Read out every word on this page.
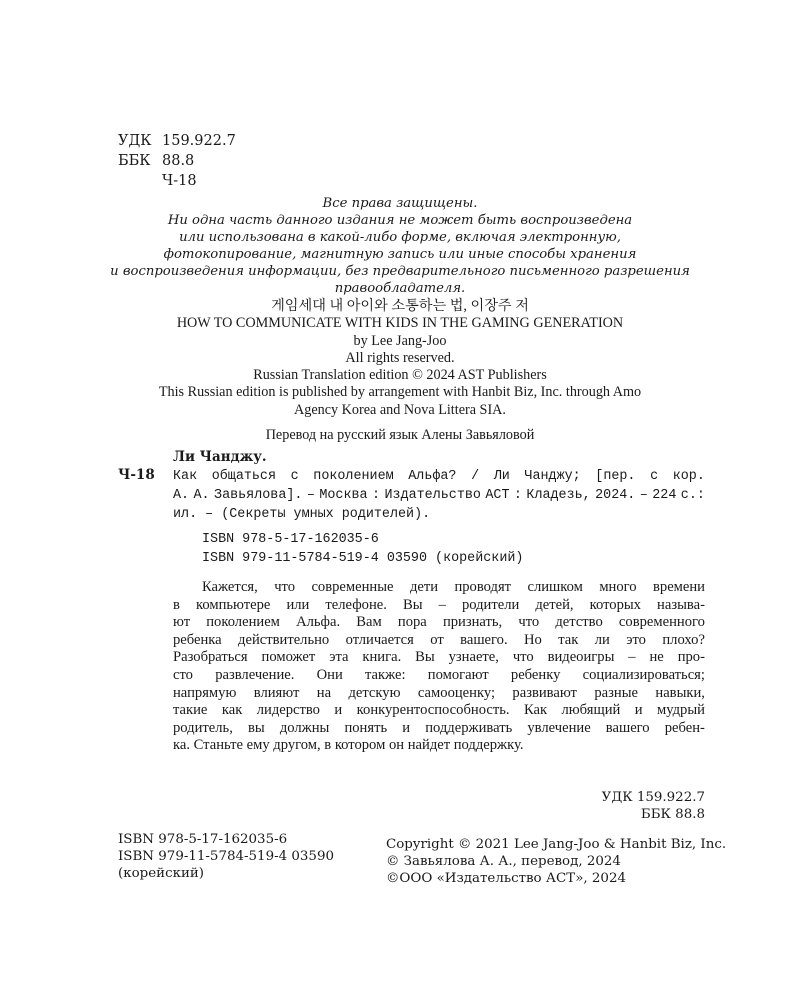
УДК 159.922.7
ББК 88.8
Ч-18
Все права защищены.
Ни одна часть данного издания не может быть воспроизведена
или использована в какой-либо форме, включая электронную,
фотокопирование, магнитную запись или иные способы хранения
и воспроизведения информации, без предварительного письменного разрешения
правообладателя.
게임세대 내 아이와 소통하는 법, 이장주 저
HOW TO COMMUNICATE WITH KIDS IN THE GAMING GENERATION
by Lee Jang-Joo
All rights reserved.
Russian Translation edition © 2024 AST Publishers
This Russian edition is published by arrangement with Hanbit Biz, Inc. through Amo
Agency Korea and Nova Littera SIA.
Перевод на русский язык Алены Завьяловой
Ли Чанджу.
Ч-18 Как общаться с поколением Альфа? / Ли Чанджу; [пер. с кор.
А. А. Завьялова]. – Москва : Издательство АСТ : Кладезь, 2024. – 224 с.:
ил. – (Секреты умных родителей).
ISBN 978-5-17-162035-6
ISBN 979-11-5784-519-4 03590 (корейский)
Кажется, что современные дети проводят слишком много времени
в компьютере или телефоне. Вы – родители детей, которых называ-
ют поколением Альфа. Вам пора признать, что детство современного
ребенка действительно отличается от вашего. Но так ли это плохо?
Разобраться поможет эта книга. Вы узнаете, что видеоигры – не про-
сто развлечение. Они также: помогают ребенку социализироваться;
напрямую влияют на детскую самооценку; развивают разные навыки,
такие как лидерство и конкурентоспособность. Как любящий и мудрый
родитель, вы должны понять и поддерживать увлечение вашего ребен-
ка. Станьте ему другом, в котором он найдет поддержку.
УДК 159.922.7
ББК 88.8
ISBN 978-5-17-162035-6
ISBN 979-11-5784-519-4 03590
(корейский)
Copyright © 2021 Lee Jang-Joo & Hanbit Biz, Inc.
© Завьялова А. А., перевод, 2024
©ООО «Издательство АСТ», 2024
